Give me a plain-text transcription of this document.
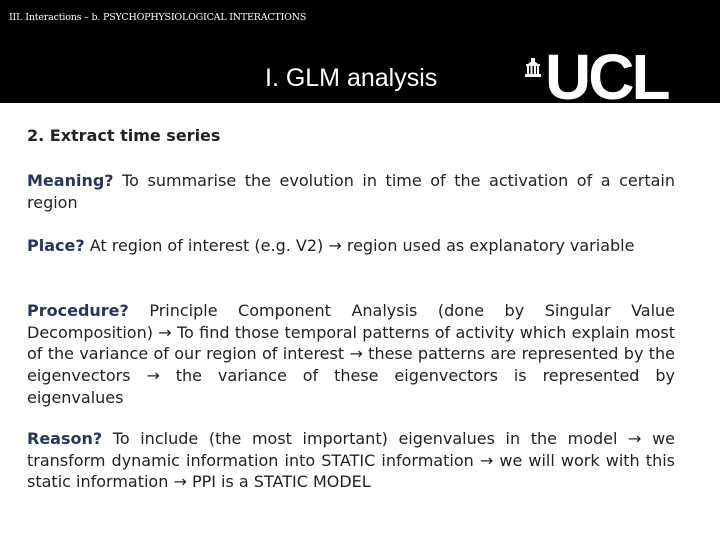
III. Interactions – b. PSYCHOPHYSIOLOGICAL INTERACTIONS
I. GLM analysis UCL
2. Extract time series
Meaning? To summarise the evolution in time of the activation of a certain region
Place? At region of interest (e.g. V2) → region used as explanatory variable
Procedure? Principle Component Analysis (done by Singular Value Decomposition) → To find those temporal patterns of activity which explain most of the variance of our region of interest → these patterns are represented by the eigenvectors → the variance of these eigenvectors is represented by eigenvalues
Reason? To include (the most important) eigenvalues in the model → we transform dynamic information into STATIC information → we will work with this static information → PPI is a STATIC MODEL
